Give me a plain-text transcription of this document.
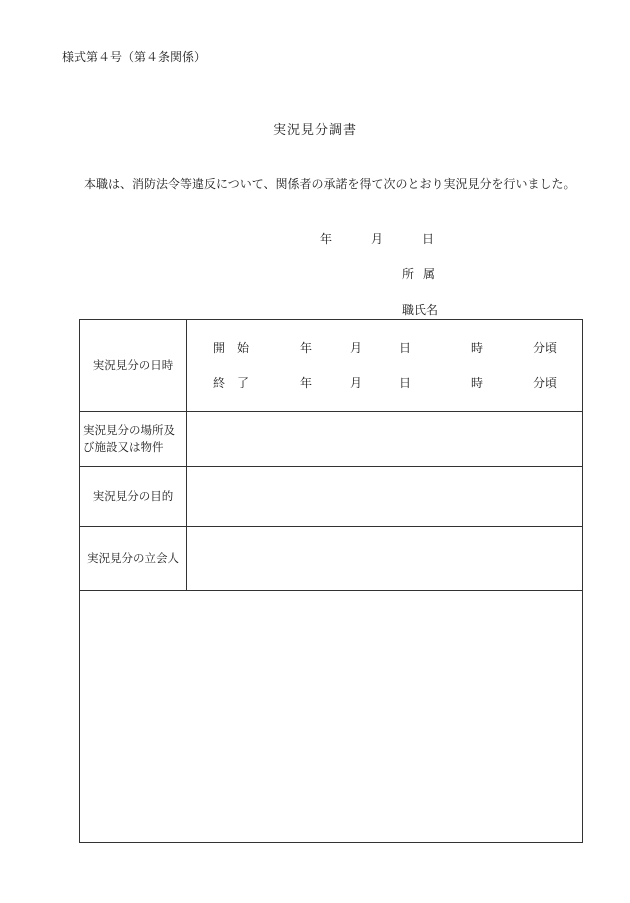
様式第４号（第４条関係）
実況見分調書
本職は、消防法令等違反について、関係者の承諾を得て次のとおり実況見分を行いました。
年	月	日
所属
職氏名
実況見分の日時
開始	年	月	日	時	分頃
終了	年	月	日	時	分頃
実況見分の場所及び施設又は物件
実況見分の目的
実況見分の立会人
